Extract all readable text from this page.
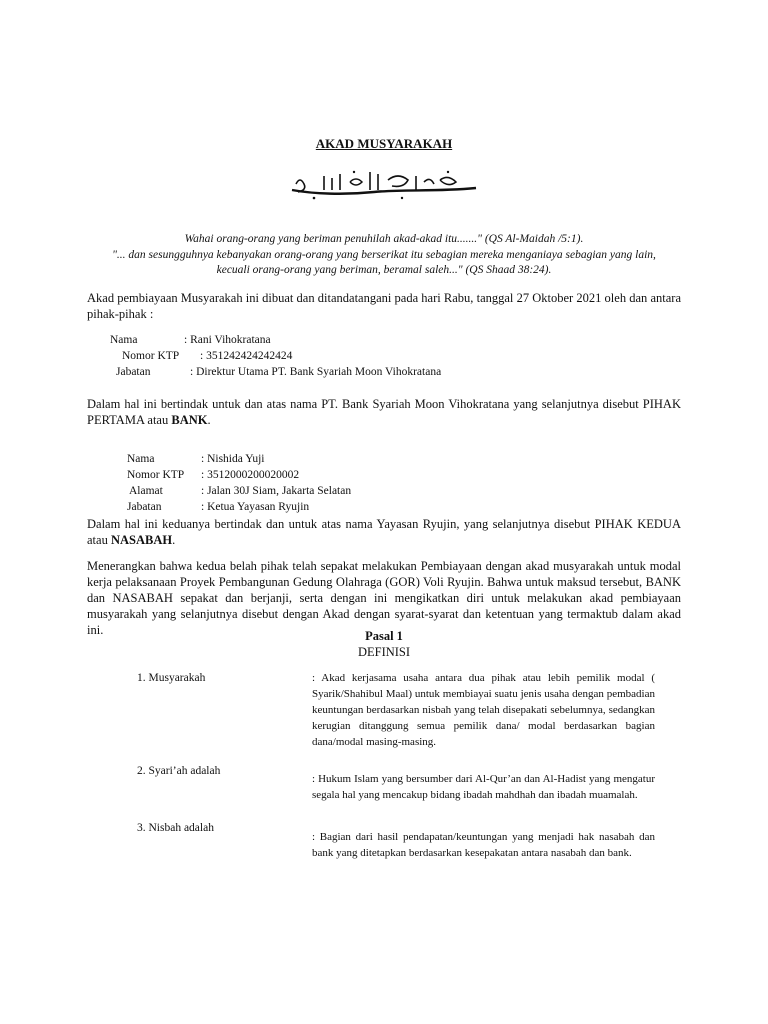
AKAD MUSYARAKAH
Wahai orang-orang yang beriman penuhilah akad-akad itu......." (QS Al-Maidah /5:1).
"... dan sesungguhnya kebanyakan orang-orang yang berserikat itu sebagian mereka menganiaya sebagian yang lain,
kecuali orang-orang yang beriman, beramal saleh..." (QS Shaad 38:24).
Akad pembiayaan Musyarakah ini dibuat dan ditandatangani pada hari Rabu, tanggal 27 Oktober 2021 oleh dan antara pihak-pihak :
Nama	: Rani Vihokratana
Nomor KTP : 351242424242424
Jabatan	: Direktur Utama PT. Bank Syariah Moon Vihokratana
Dalam hal ini bertindak untuk dan atas nama PT. Bank Syariah Moon Vihokratana yang selanjutnya disebut PIHAK PERTAMA atau BANK.
Nama	: Nishida Yuji
Nomor KTP : 3512000200020002
Alamat	: Jalan 30J Siam, Jakarta Selatan
Jabatan	: Ketua Yayasan Ryujin
Dalam hal ini keduanya bertindak dan untuk atas nama Yayasan Ryujin, yang selanjutnya disebut PIHAK KEDUA atau NASABAH.
Menerangkan bahwa kedua belah pihak telah sepakat melakukan Pembiayaan dengan akad musyarakah untuk modal kerja pelaksanaan Proyek Pembangunan Gedung Olahraga (GOR) Voli Ryujin. Bahwa untuk maksud tersebut, BANK dan NASABAH sepakat dan berjanji, serta dengan ini mengikatkan diri untuk melakukan akad pembiayaan musyarakah yang selanjutnya disebut dengan Akad dengan syarat-syarat dan ketentuan yang termaktub dalam akad ini.	Pasal 1
DEFINISI
1. Musyarakah	: Akad kerjasama usaha antara dua pihak atau lebih pemilik modal ( Syarik/Shahibul Maal) untuk membiayai suatu jenis usaha dengan pembadian keuntungan berdasarkan nisbah yang telah disepakati sebelumnya, sedangkan kerugian ditanggung semua pemilik dana/ modal berdasarkan bagian dana/modal masing-masing.
2. Syari’ah adalah
: Hukum Islam yang bersumber dari Al-Qur’an dan Al-Hadist yang mengatur segala hal yang mencakup bidang ibadah mahdhah dan ibadah muamalah.
3. Nisbah adalah
: Bagian dari hasil pendapatan/keuntungan yang menjadi hak nasabah dan bank yang ditetapkan berdasarkan kesepakatan antara nasabah dan bank.
